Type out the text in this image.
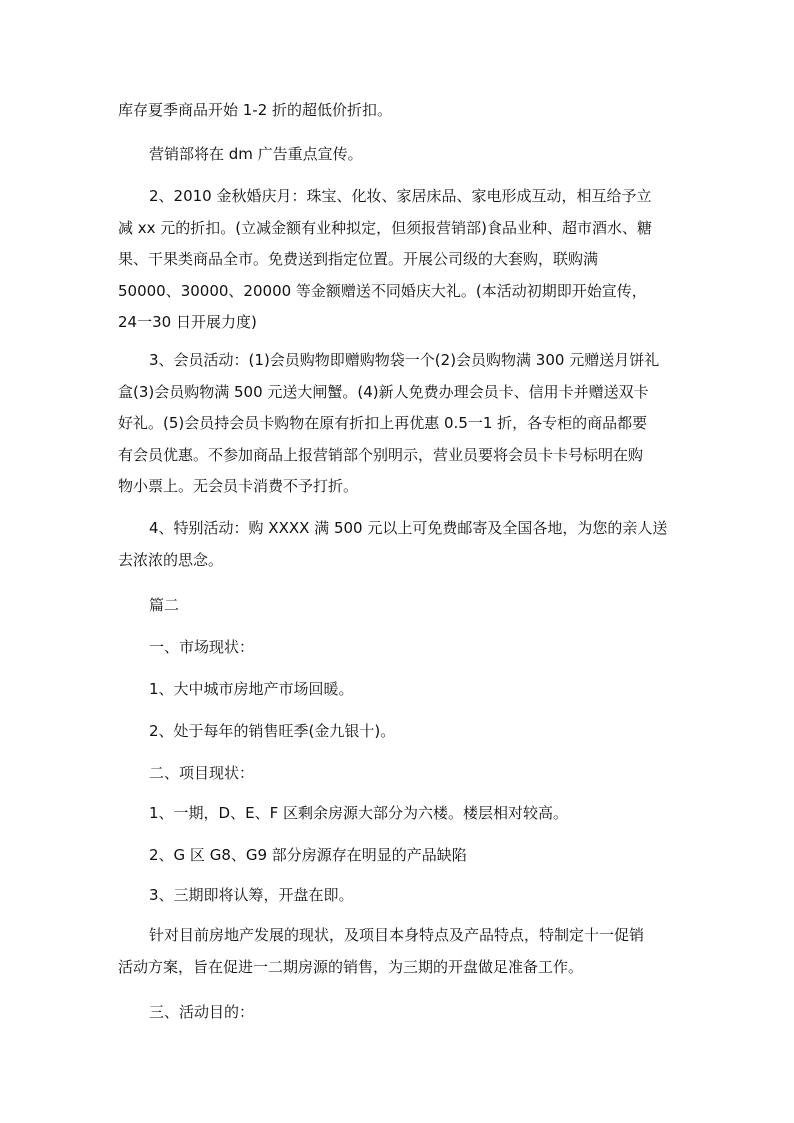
库存夏季商品开始 1-2 折的超低价折扣。
营销部将在 dm 广告重点宣传。
2、2010 金秋婚庆月：珠宝、化妆、家居床品、家电形成互动，相互给予立
减 xx 元的折扣。(立减金额有业种拟定，但须报营销部)食品业种、超市酒水、糖
果、干果类商品全市。免费送到指定位置。开展公司级的大套购，联购满
50000、30000、20000 等金额赠送不同婚庆大礼。(本活动初期即开始宣传，
24一30 日开展力度)
3、会员活动：(1)会员购物即赠购物袋一个(2)会员购物满 300 元赠送月饼礼
盒(3)会员购物满 500 元送大闸蟹。(4)新人免费办理会员卡、信用卡并赠送双卡
好礼。(5)会员持会员卡购物在原有折扣上再优惠 0.5一1 折，各专柜的商品都要
有会员优惠。不参加商品上报营销部个别明示，营业员要将会员卡卡号标明在购
物小票上。无会员卡消费不予打折。
4、特别活动：购 XXXX 满 500 元以上可免费邮寄及全国各地，为您的亲人送
去浓浓的思念。
篇二
一、市场现状：
1、大中城市房地产市场回暖。
2、处于每年的销售旺季(金九银十)。
二、项目现状：
1、一期，D、E、F 区剩余房源大部分为六楼。楼层相对较高。
2、G 区 G8、G9 部分房源存在明显的产品缺陷
3、三期即将认筹，开盘在即。
针对目前房地产发展的现状，及项目本身特点及产品特点，特制定十一促销
活动方案，旨在促进一二期房源的销售，为三期的开盘做足准备工作。
三、活动目的：
